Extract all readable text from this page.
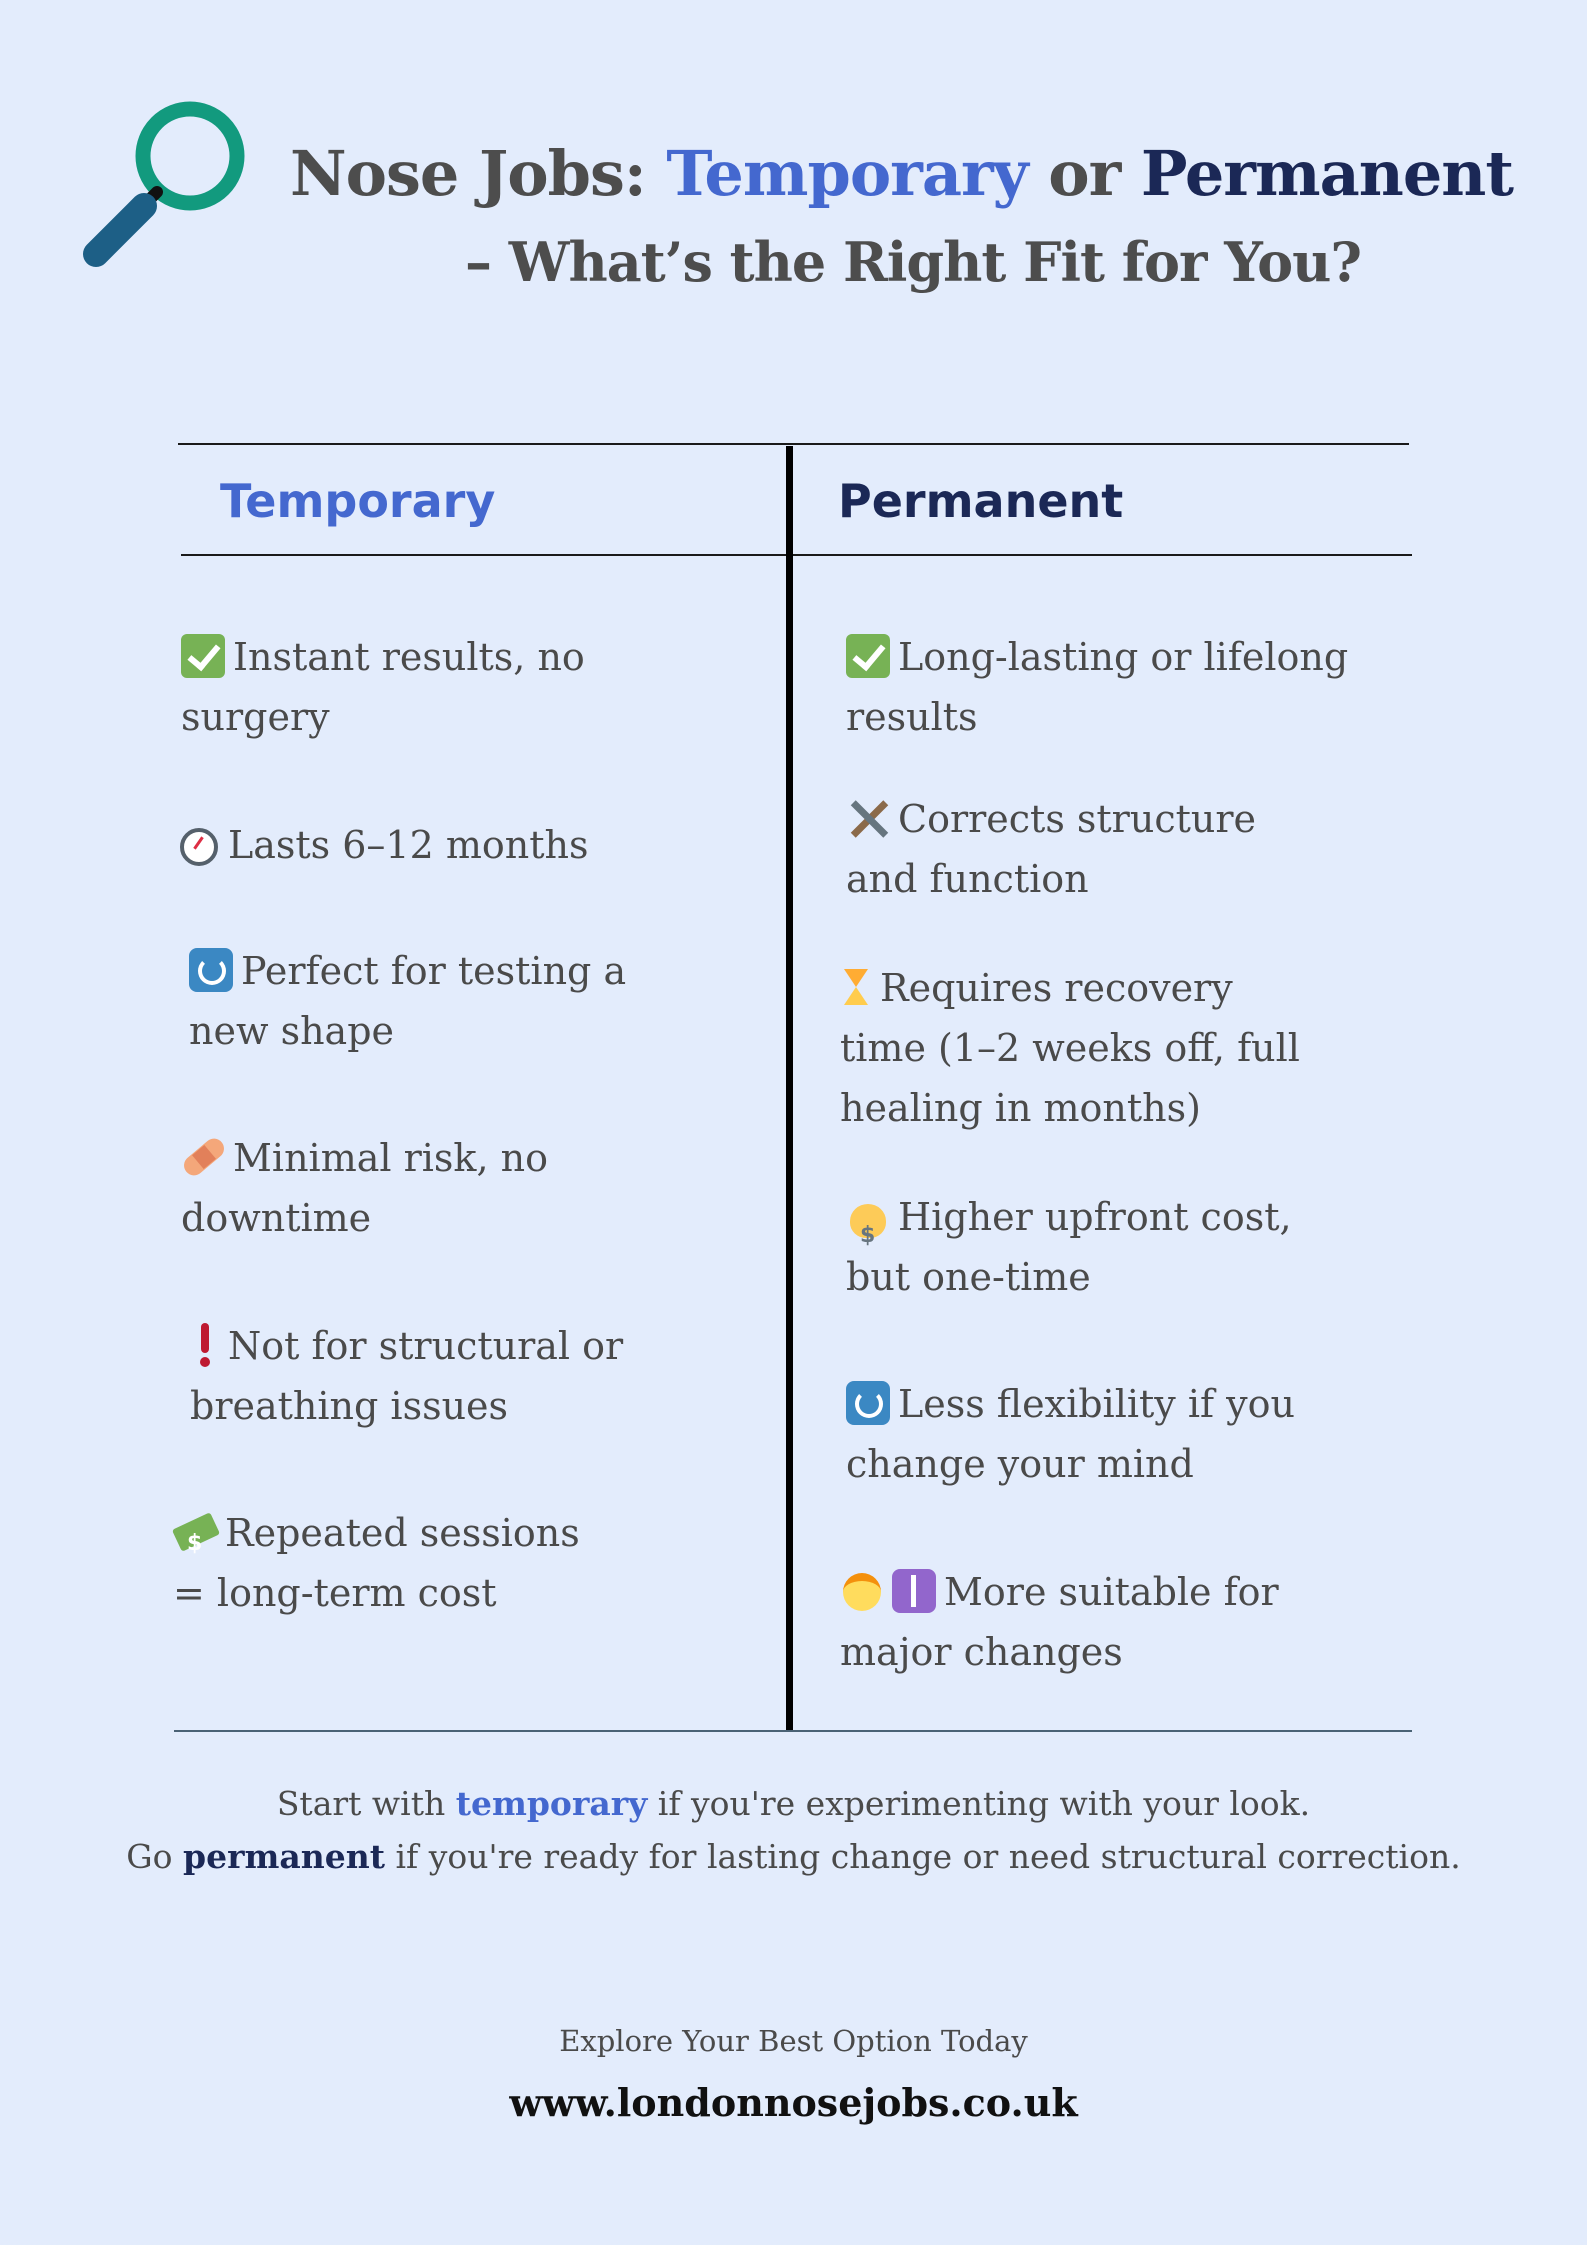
Nose Jobs: Temporary or Permanent
– What’s the Right Fit for You?
Temporary	Permanent
Instant results, no surgery
Lasts 6–12 months
Perfect for testing a new shape
Minimal risk, no downtime
Not for structural or breathing issues
$Repeated sessions = long-term cost
Long-lasting or lifelong results
Corrects structure and function
Requires recovery time (1–2 weeks off, full healing in months)
$Higher upfront cost, but one-time
Less flexibility if you change your mind
More suitable for major changes
Start with temporary if you're experimenting with your look.
Go permanent if you're ready for lasting change or need structural correction.
Explore Your Best Option Today
www.londonnosejobs.co.uk
